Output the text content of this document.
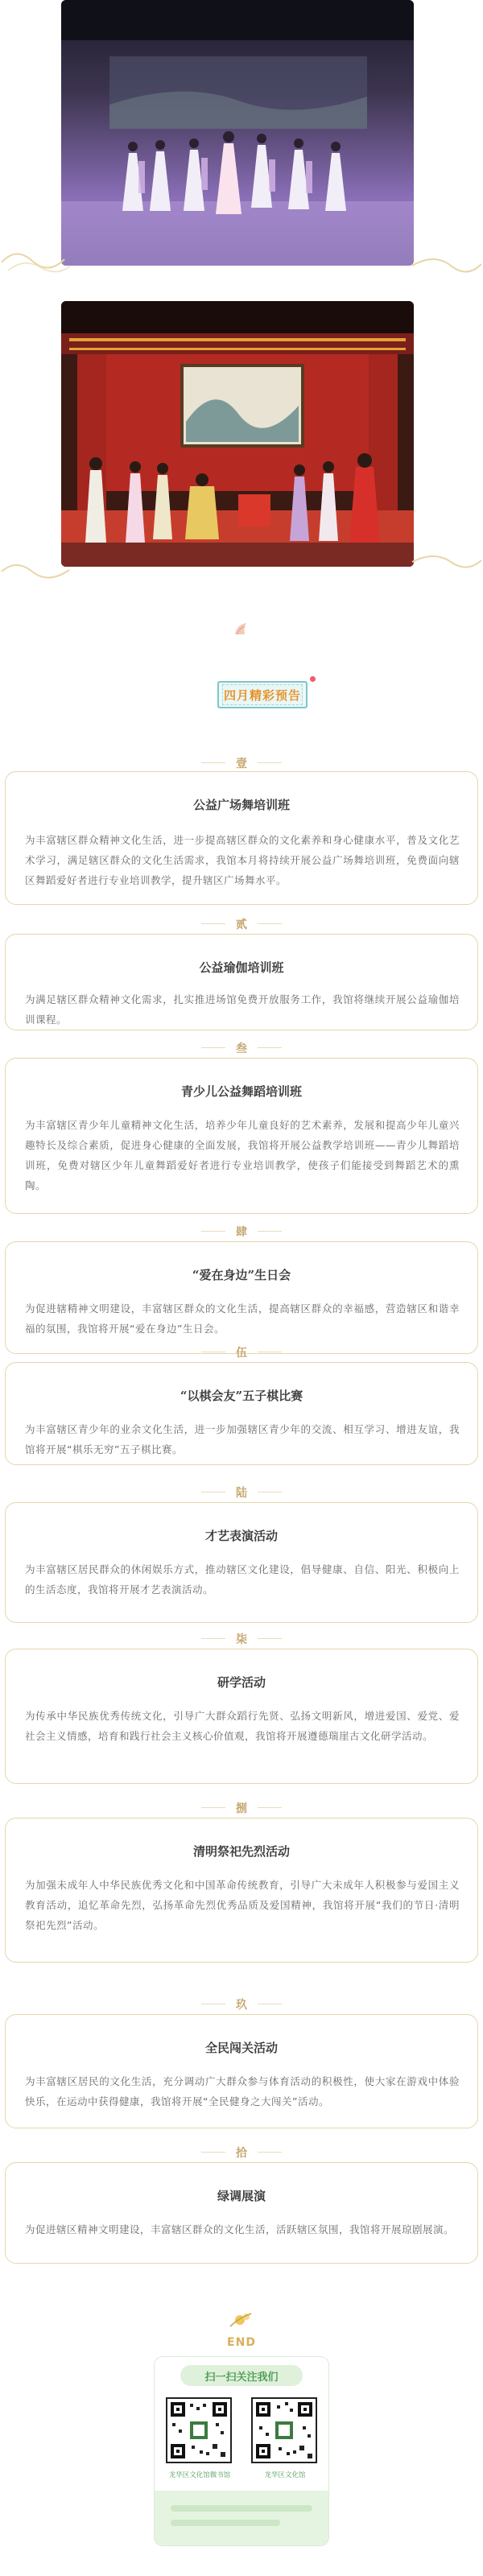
四月精彩预告
壹
公益广场舞培训班
为丰富辖区群众精神文化生活，进一步提高辖区群众的文化素养和身心健康水平，普及文化艺术学习，满足辖区群众的文化生活需求，我馆本月将持续开展公益广场舞培训班，免费面向辖区舞蹈爱好者进行专业培训教学，提升辖区广场舞水平。
贰
公益瑜伽培训班
为满足辖区群众精神文化需求，扎实推进场馆免费开放服务工作，我馆将继续开展公益瑜伽培训课程。
叁
青少儿公益舞蹈培训班
为丰富辖区青少年儿童精神文化生活，培养少年儿童良好的艺术素养，发展和提高少年儿童兴趣特长及综合素质，促进身心健康的全面发展，我馆将开展公益教学培训班——青少儿舞蹈培训班，免费对辖区少年儿童舞蹈爱好者进行专业培训教学，使孩子们能接受到舞蹈艺术的熏陶。
肆
“爱在身边”生日会
为促进辖精神文明建设，丰富辖区群众的文化生活，提高辖区群众的幸福感，营造辖区和谐幸福的氛围，我馆将开展“爱在身边”生日会。
伍
“以棋会友”五子棋比赛
为丰富辖区青少年的业余文化生活，进一步加强辖区青少年的交流、相互学习、增进友谊，我馆将开展“棋乐无穷”五子棋比赛。
陆
才艺表演活动
为丰富辖区居民群众的休闲娱乐方式，推动辖区文化建设，倡导健康、自信、阳光、积极向上的生活态度，我馆将开展才艺表演活动。
柒
研学活动
为传承中华民族优秀传统文化，引导广大群众蹈行先贤、弘扬文明新风，增进爱国、爱党、爱社会主义情感，培育和践行社会主义核心价值观，我馆将开展遵德瑞崖古文化研学活动。
捌
清明祭祀先烈活动
为加强未成年人中华民族优秀文化和中国革命传统教育，引导广大未成年人积极参与爱国主义教育活动，追忆革命先烈，弘扬革命先烈优秀品质及爱国精神，我馆将开展“我们的节日·清明祭祀先烈”活动。
玖
全民闯关活动
为丰富辖区居民的文化生活，充分调动广大群众参与体育活动的积极性，使大家在游戏中体验快乐，在运动中获得健康，我馆将开展“全民健身之大闯关”活动。
拾
绿调展演
为促进辖区精神文明建设，丰富辖区群众的文化生活，活跃辖区氛围，我馆将开展琼剧展演。
END
扫一扫关注我们
龙华区文化馆微书馆	龙华区文化馆
